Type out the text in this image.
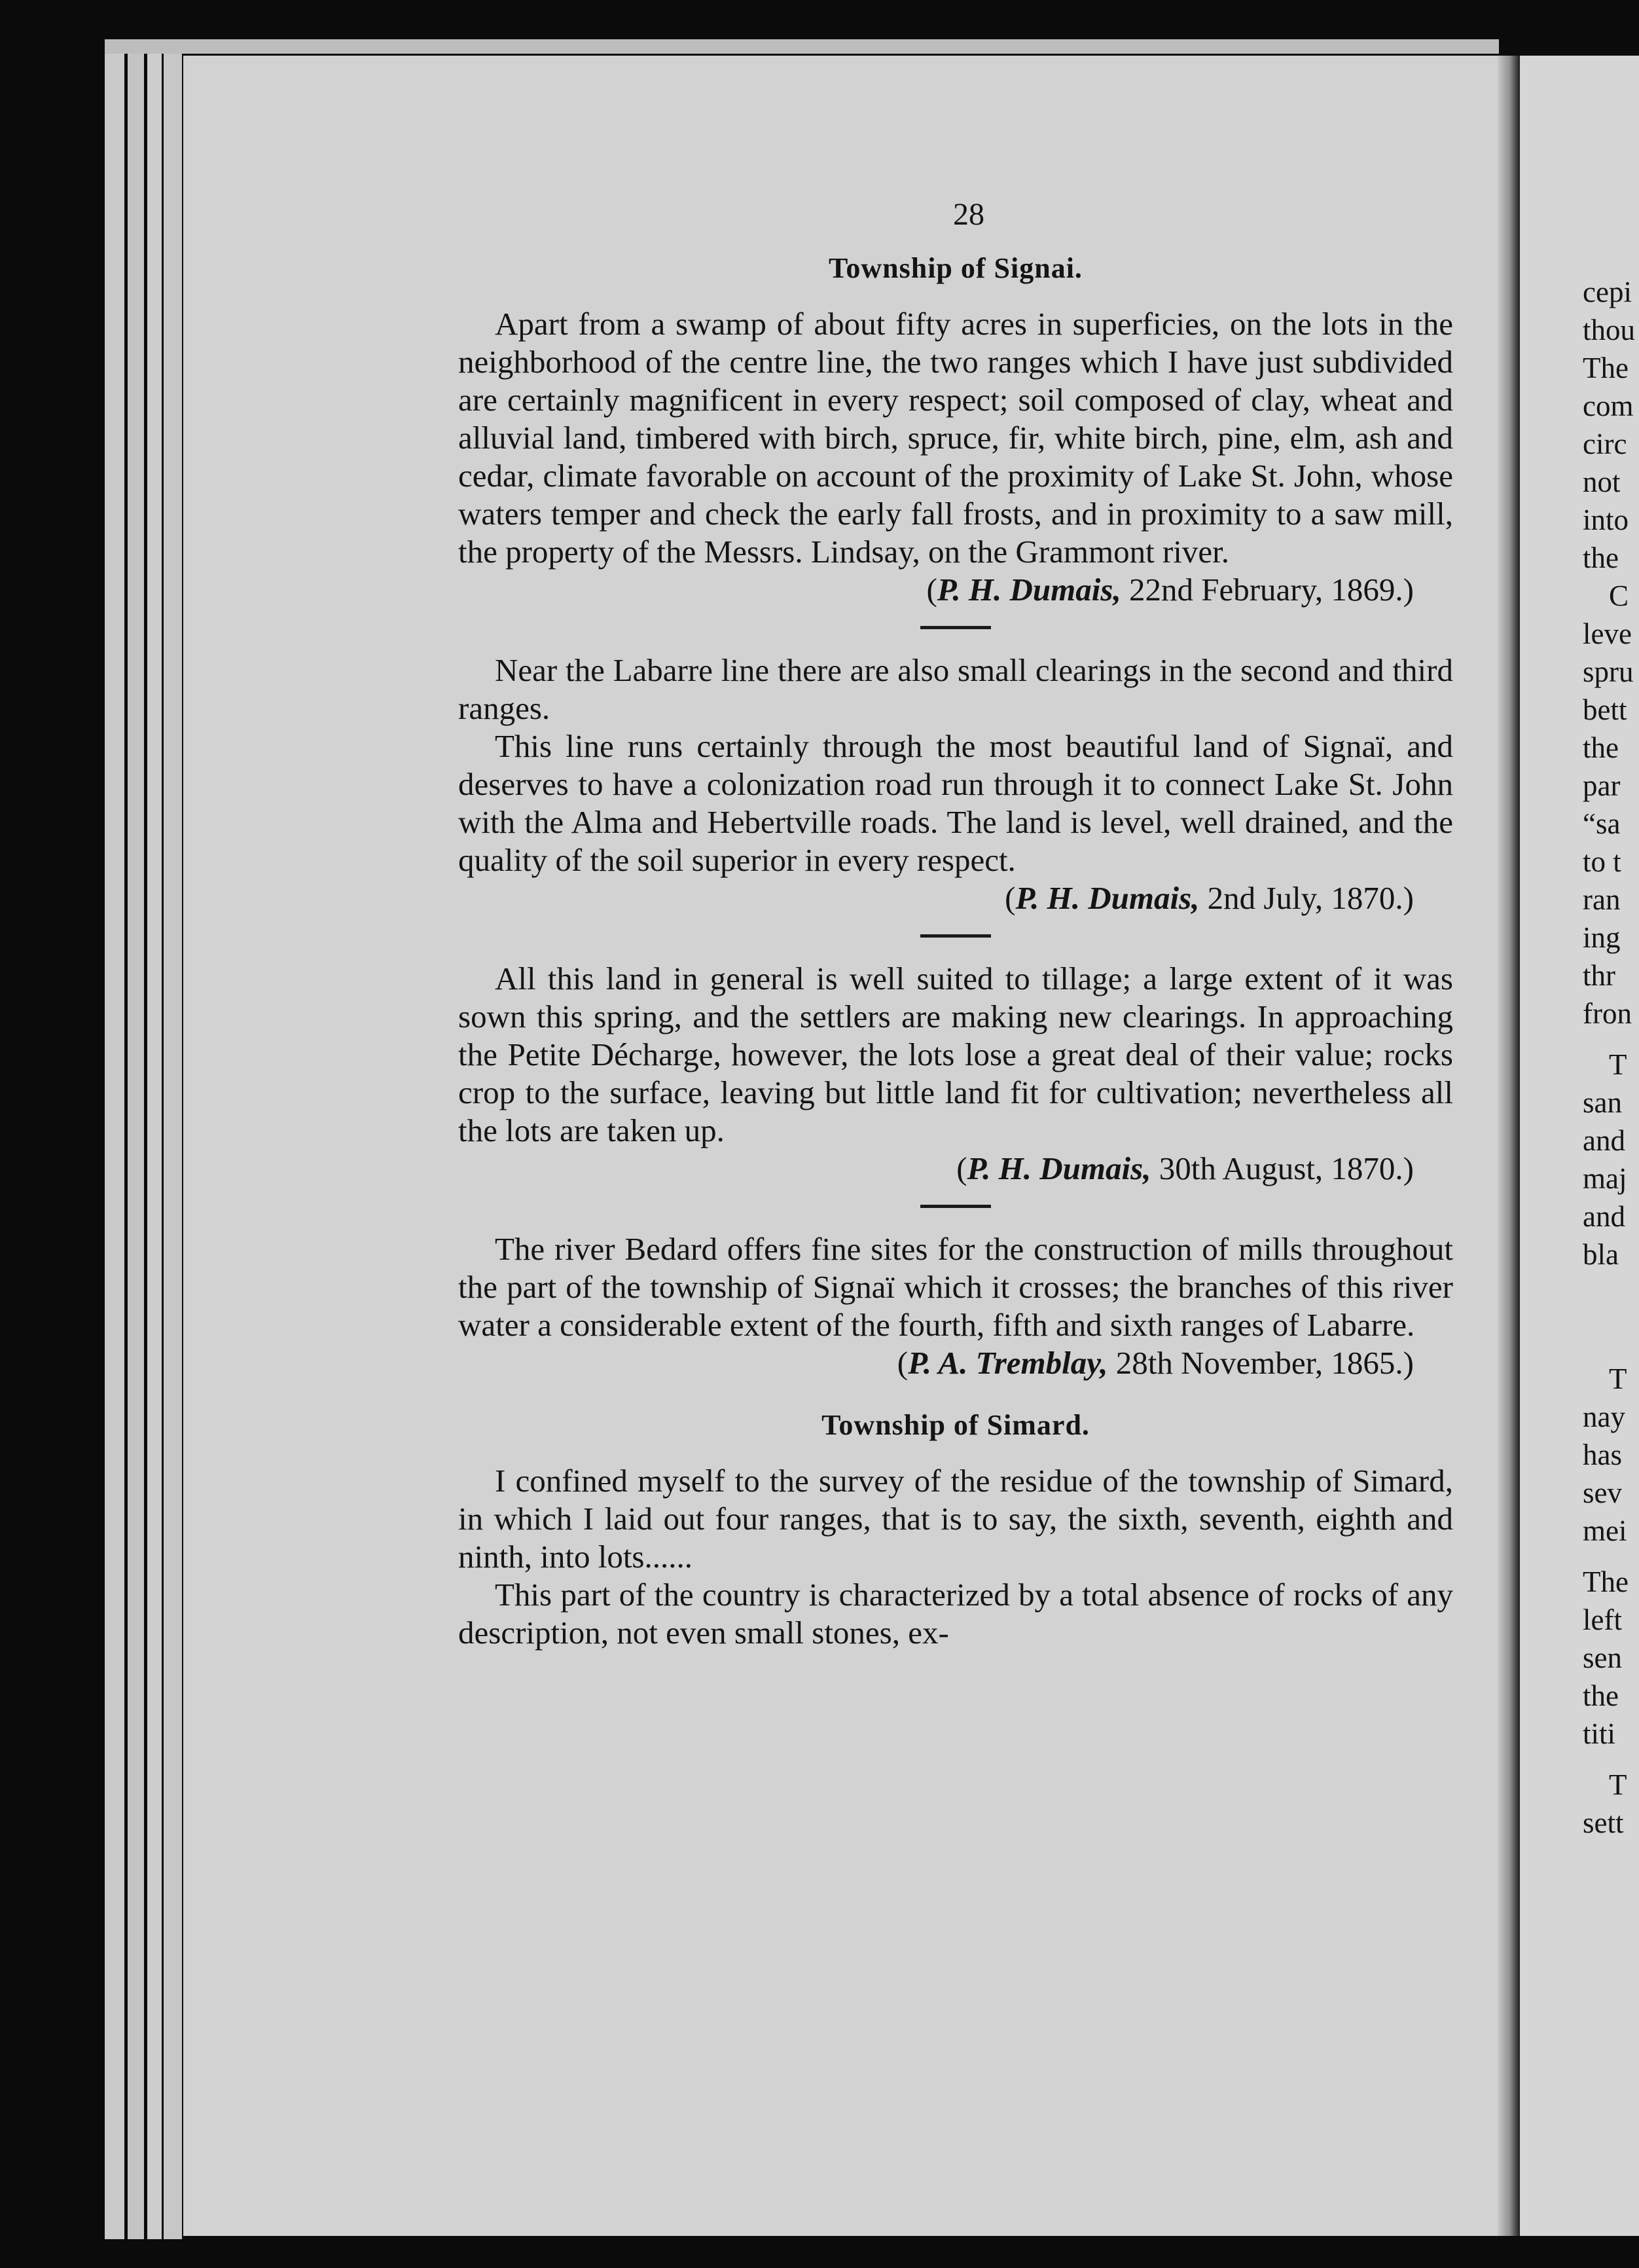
28
Township of Signai.

Apart from a swamp of about fifty acres in superficies, on the lots in the neighborhood of the centre line, the two ranges which I have just subdivided are certainly magnificent in every respect; soil composed of clay, wheat and alluvial land, timbered with birch, spruce, fir, white birch, pine, elm, ash and cedar, climate favorable on account of the proximity of Lake St. John, whose waters temper and check the early fall frosts, and in proximity to a saw mill, the property of the Messrs. Lindsay, on the Grammont river.

(P. H. Dumais, 22nd February, 1869.)

Near the Labarre line there are also small clearings in the second and third ranges.

This line runs certainly through the most beautiful land of Signaï, and deserves to have a colonization road run through it to connect Lake St. John with the Alma and Hebertville roads. The land is level, well drained, and the quality of the soil superior in every respect.

(P. H. Dumais, 2nd July, 1870.)

All this land in general is well suited to tillage; a large extent of it was sown this spring, and the settlers are making new clearings. In approaching the Petite Décharge, however, the lots lose a great deal of their value; rocks crop to the surface, leaving but little land fit for cultivation; nevertheless all the lots are taken up.

(P. H. Dumais, 30th August, 1870.)

The river Bedard offers fine sites for the construction of mills throughout the part of the township of Signaï which it crosses; the branches of this river water a considerable extent of the fourth, fifth and sixth ranges of Labarre.

(P. A. Tremblay, 28th November, 1865.)

Township of Simard.

I confined myself to the survey of the residue of the township of Simard, in which I laid out four ranges, that is to say, the sixth, seventh, eighth and ninth, into lots......

This part of the country is characterized by a total absence of rocks of any description, not even small stones, ex-

cepi
thou
The
com
circ
not
into
the
C
leve
spru
bett
the
par
“sa
to t
ran
ing
thr
fron
T
san
and
maj
and
bla
T
nay
has
sev
mei
The
left
sen
the
titi
T
sett
